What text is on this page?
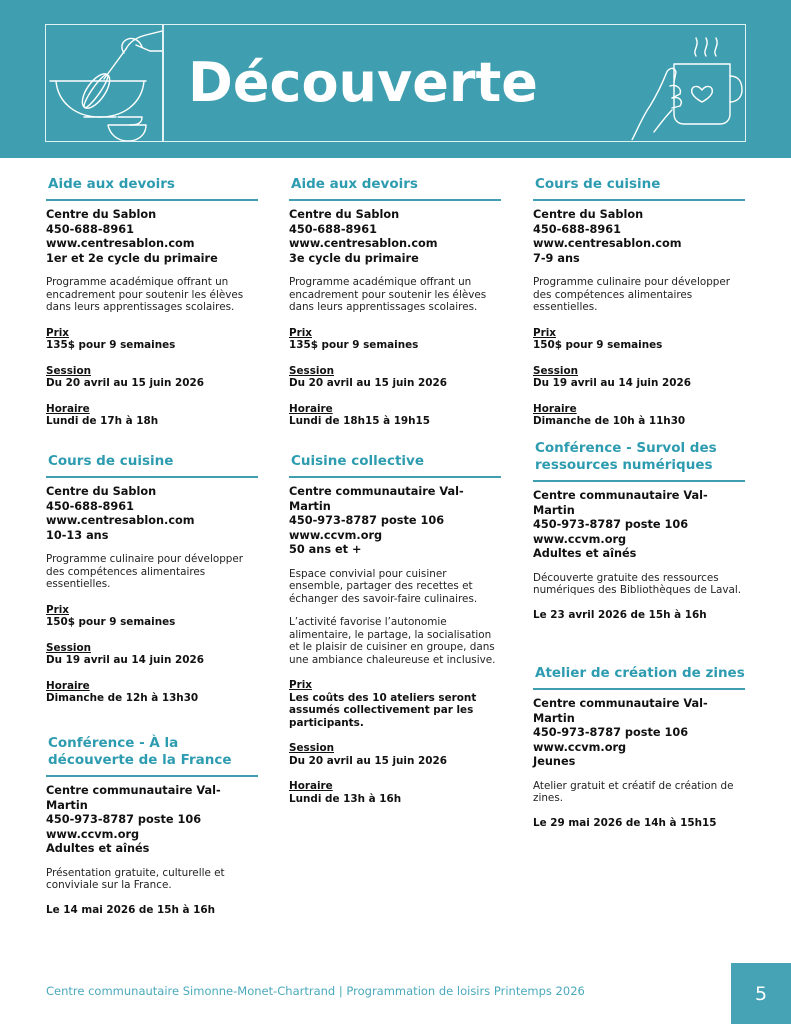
Découverte
Aide aux devoirs
Centre du Sablon
450-688-8961
www.centresablon.com
1er et 2e cycle du primaire
Programme académique offrant un encadrement pour soutenir les élèves dans leurs apprentissages scolaires.
Prix
135$ pour 9 semaines
Session
Du 20 avril au 15 juin 2026
Horaire
Lundi de 17h à 18h
Cours de cuisine
Centre du Sablon
450-688-8961
www.centresablon.com
10-13 ans
Programme culinaire pour développer des compétences alimentaires essentielles.
Prix
150$ pour 9 semaines
Session
Du 19 avril au 14 juin 2026
Horaire
Dimanche de 12h à 13h30
Conférence - À la découverte de la France
Centre communautaire Val-Martin
450-973-8787 poste 106
www.ccvm.org
Adultes et aînés
Présentation gratuite, culturelle et conviviale sur la France.
Le 14 mai 2026 de 15h à 16h
Aide aux devoirs
Centre du Sablon
450-688-8961
www.centresablon.com
3e cycle du primaire
Programme académique offrant un encadrement pour soutenir les élèves dans leurs apprentissages scolaires.
Prix
135$ pour 9 semaines
Session
Du 20 avril au 15 juin 2026
Horaire
Lundi de 18h15 à 19h15
Cuisine collective
Centre communautaire Val-Martin
450-973-8787 poste 106
www.ccvm.org
50 ans et +
Espace convivial pour cuisiner ensemble, partager des recettes et échanger des savoir-faire culinaires.
L’activité favorise l’autonomie alimentaire, le partage, la socialisation et le plaisir de cuisiner en groupe, dans une ambiance chaleureuse et inclusive.
Prix
Les coûts des 10 ateliers seront assumés collectivement par les participants.
Session
Du 20 avril au 15 juin 2026
Horaire
Lundi de 13h à 16h
Cours de cuisine
Centre du Sablon
450-688-8961
www.centresablon.com
7-9 ans
Programme culinaire pour développer des compétences alimentaires essentielles.
Prix
150$ pour 9 semaines
Session
Du 19 avril au 14 juin 2026
Horaire
Dimanche de 10h à 11h30
Conférence - Survol des ressources numériques
Centre communautaire Val-Martin
450-973-8787 poste 106
www.ccvm.org
Adultes et aînés
Découverte gratuite des ressources numériques des Bibliothèques de Laval.
Le 23 avril 2026 de 15h à 16h
Atelier de création de zines
Centre communautaire Val-Martin
450-973-8787 poste 106
www.ccvm.org
Jeunes
Atelier gratuit et créatif de création de zines.
Le 29 mai 2026 de 14h à 15h15
Centre communautaire Simonne-Monet-Chartrand | Programmation de loisirs Printemps 2026	5
